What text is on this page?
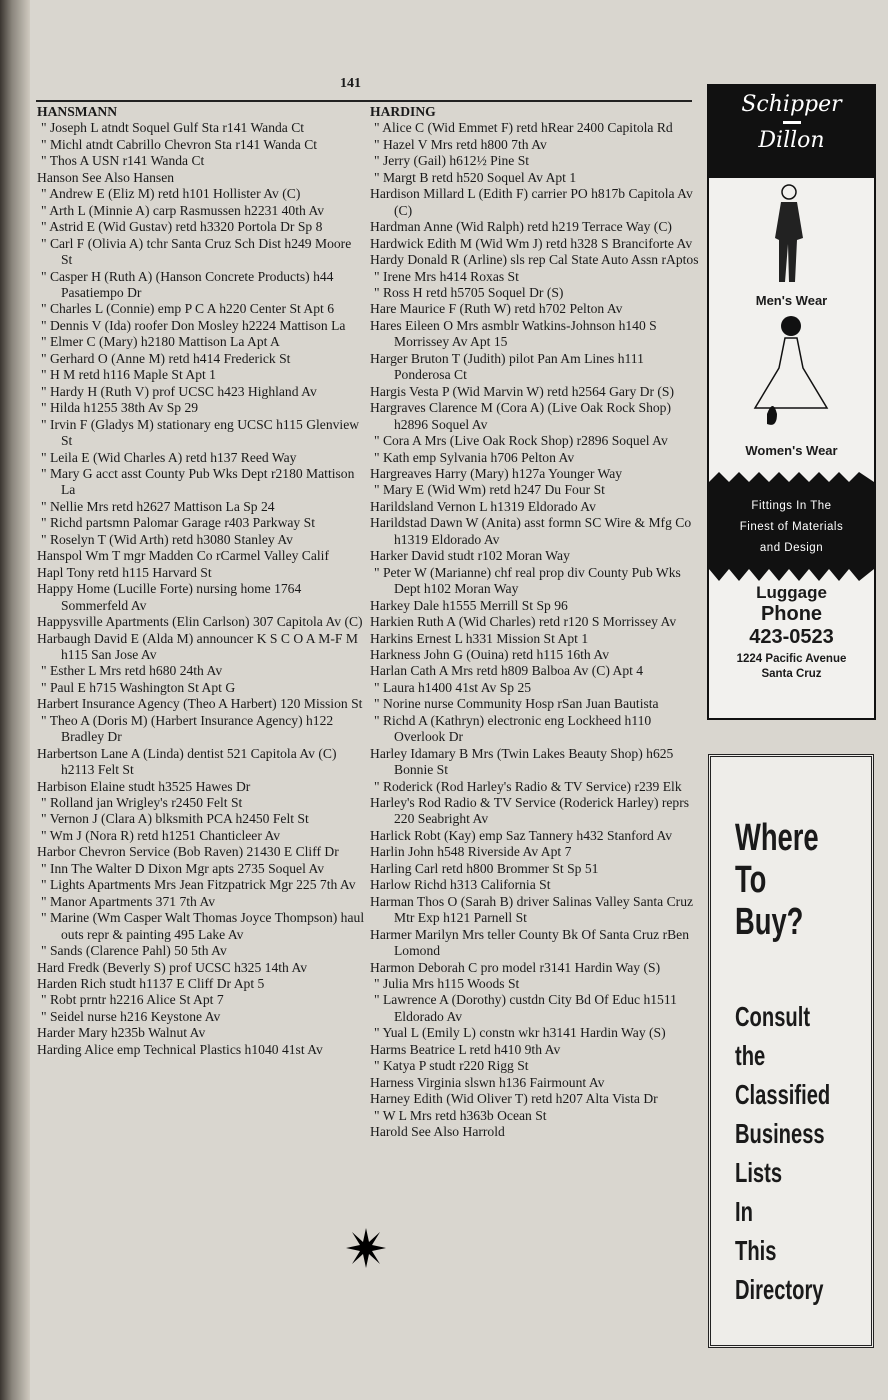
141
HANSMANN
" Joseph L atndt Soquel Gulf Sta r141 Wanda Ct
" Michl atndt Cabrillo Chevron Sta r141 Wanda Ct
" Thos A USN r141 Wanda Ct
Hanson See Also Hansen
" Andrew E (Eliz M) retd h101 Hollister Av (C)
" Arth L (Minnie A) carp Rasmussen h2231 40th Av
" Astrid E (Wid Gustav) retd h3320 Portola Dr Sp 8
" Carl F (Olivia A) tchr Santa Cruz Sch Dist h249 Moore St
" Casper H (Ruth A) (Hanson Concrete Products) h44 Pasatiempo Dr
" Charles L (Connie) emp P C A h220 Center St Apt 6
" Dennis V (Ida) roofer Don Mosley h2224 Mattison La
" Elmer C (Mary) h2180 Mattison La Apt A
" Gerhard O (Anne M) retd h414 Frederick St
" H M retd h116 Maple St Apt 1
" Hardy H (Ruth V) prof UCSC h423 Highland Av
" Hilda h1255 38th Av Sp 29
" Irvin F (Gladys M) stationary eng UCSC h115 Glenview St
" Leila E (Wid Charles A) retd h137 Reed Way
" Mary G acct asst County Pub Wks Dept r2180 Mattison La
" Nellie Mrs retd h2627 Mattison La Sp 24
" Richd partsmn Palomar Garage r403 Parkway St
" Roselyn T (Wid Arth) retd h3080 Stanley Av
Hanspol Wm T mgr Madden Co rCarmel Valley Calif
Hapl Tony retd h115 Harvard St
Happy Home (Lucille Forte) nursing home 1764 Sommerfeld Av
Happysville Apartments (Elin Carlson) 307 Capitola Av (C)
Harbaugh David E (Alda M) announcer K S C O A M-F M h115 San Jose Av
" Esther L Mrs retd h680 24th Av
" Paul E h715 Washington St Apt G
Harbert Insurance Agency (Theo A Harbert) 120 Mission St
" Theo A (Doris M) (Harbert Insurance Agency) h122 Bradley Dr
Harbertson Lane A (Linda) dentist 521 Capitola Av (C) h2113 Felt St
Harbison Elaine studt h3525 Hawes Dr
" Rolland jan Wrigley's r2450 Felt St
" Vernon J (Clara A) blksmith PCA h2450 Felt St
" Wm J (Nora R) retd h1251 Chanticleer Av
Harbor Chevron Service (Bob Raven) 21430 E Cliff Dr
" Inn The Walter D Dixon Mgr apts 2735 Soquel Av
" Lights Apartments Mrs Jean Fitzpatrick Mgr 225 7th Av
" Manor Apartments 371 7th Av
" Marine (Wm Casper Walt Thomas Joyce Thompson) haul outs repr & painting 495 Lake Av
" Sands (Clarence Pahl) 50 5th Av
Hard Fredk (Beverly S) prof UCSC h325 14th Av
Harden Rich studt h1137 E Cliff Dr Apt 5
" Robt prntr h2216 Alice St Apt 7
" Seidel nurse h216 Keystone Av
Harder Mary h235b Walnut Av
Harding Alice emp Technical Plastics h1040 41st Av
HARDING
" Alice C (Wid Emmet F) retd hRear 2400 Capitola Rd
" Hazel V Mrs retd h800 7th Av
" Jerry (Gail) h612½ Pine St
" Margt B retd h520 Soquel Av Apt 1
Hardison Millard L (Edith F) carrier PO h817b Capitola Av (C)
Hardman Anne (Wid Ralph) retd h219 Terrace Way (C)
Hardwick Edith M (Wid Wm J) retd h328 S Branciforte Av
Hardy Donald R (Arline) sls rep Cal State Auto Assn rAptos
" Irene Mrs h414 Roxas St
" Ross H retd h5705 Soquel Dr (S)
Hare Maurice F (Ruth W) retd h702 Pelton Av
Hares Eileen O Mrs asmblr Watkins-Johnson h140 S Morrissey Av Apt 15
Harger Bruton T (Judith) pilot Pan Am Lines h111 Ponderosa Ct
Hargis Vesta P (Wid Marvin W) retd h2564 Gary Dr (S)
Hargraves Clarence M (Cora A) (Live Oak Rock Shop) h2896 Soquel Av
" Cora A Mrs (Live Oak Rock Shop) r2896 Soquel Av
" Kath emp Sylvania h706 Pelton Av
Hargreaves Harry (Mary) h127a Younger Way
" Mary E (Wid Wm) retd h247 Du Four St
Harildsland Vernon L h1319 Eldorado Av
Harildstad Dawn W (Anita) asst formn SC Wire & Mfg Co h1319 Eldorado Av
Harker David studt r102 Moran Way
" Peter W (Marianne) chf real prop div County Pub Wks Dept h102 Moran Way
Harkey Dale h1555 Merrill St Sp 96
Harkien Ruth A (Wid Charles) retd r120 S Morrissey Av
Harkins Ernest L h331 Mission St Apt 1
Harkness John G (Ouina) retd h115 16th Av
Harlan Cath A Mrs retd h809 Balboa Av (C) Apt 4
" Laura h1400 41st Av Sp 25
" Norine nurse Community Hosp rSan Juan Bautista
" Richd A (Kathryn) electronic eng Lockheed h110 Overlook Dr
Harley Idamary B Mrs (Twin Lakes Beauty Shop) h625 Bonnie St
" Roderick (Rod Harley's Radio & TV Service) r239 Elk
Harley's Rod Radio & TV Service (Roderick Harley) reprs 220 Seabright Av
Harlick Robt (Kay) emp Saz Tannery h432 Stanford Av
Harlin John h548 Riverside Av Apt 7
Harling Carl retd h800 Brommer St Sp 51
Harlow Richd h313 California St
Harman Thos O (Sarah B) driver Salinas Valley Santa Cruz Mtr Exp h121 Parnell St
Harmer Marilyn Mrs teller County Bk Of Santa Cruz rBen Lomond
Harmon Deborah C pro model r3141 Hardin Way (S)
" Julia Mrs h115 Woods St
" Lawrence A (Dorothy) custdn City Bd Of Educ h1511 Eldorado Av
" Yual L (Emily L) constn wkr h3141 Hardin Way (S)
Harms Beatrice L retd h410 9th Av
" Katya P studt r220 Rigg St
Harness Virginia slswn h136 Fairmount Av
Harney Edith (Wid Oliver T) retd h207 Alta Vista Dr
" W L Mrs retd h363b Ocean St
Harold See Also Harrold
Schipper
Dillon
Men's Wear
Women's Wear
Fittings In The
Finest of Materials
and Design
Luggage
Phone
423-0523
1224 Pacific Avenue
Santa Cruz
Where
To
Buy?
Consult
the
Classified
Business
Lists
In
This
Directory
